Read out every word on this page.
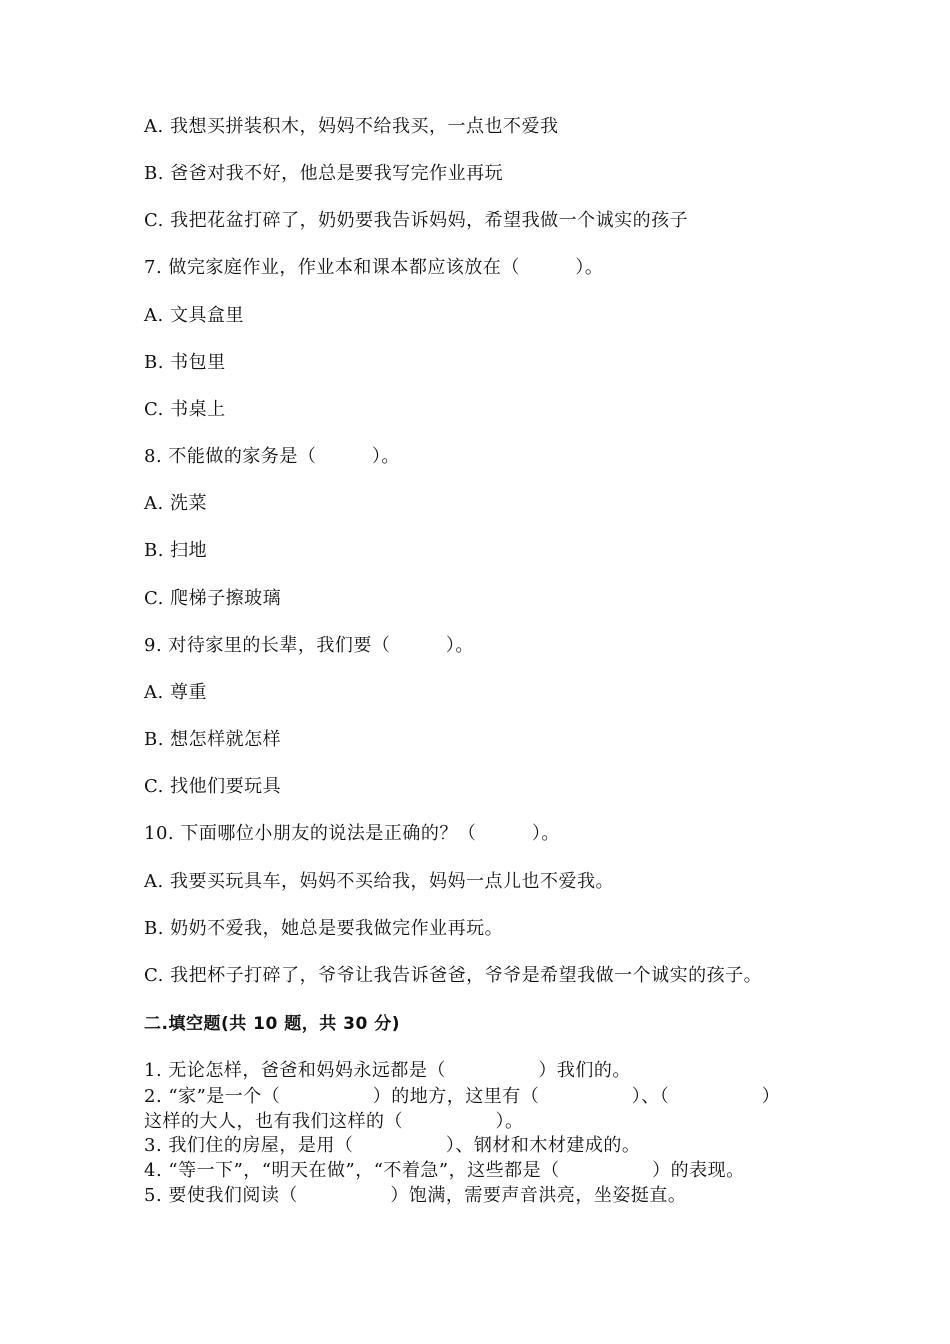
A. 我想买拼装积木，妈妈不给我买，一点也不爱我
B. 爸爸对我不好，他总是要我写完作业再玩
C. 我把花盆打碎了，奶奶要我告诉妈妈，希望我做一个诚实的孩子
7. 做完家庭作业，作业本和课本都应该放在（　　　）。
A. 文具盒里
B. 书包里
C. 书桌上
8. 不能做的家务是（　　　）。
A. 洗菜
B. 扫地
C. 爬梯子擦玻璃
9. 对待家里的长辈，我们要（　　　）。
A. 尊重
B. 想怎样就怎样
C. 找他们要玩具
10. 下面哪位小朋友的说法是正确的？（　　　）。
A. 我要买玩具车，妈妈不买给我，妈妈一点儿也不爱我。
B. 奶奶不爱我，她总是要我做完作业再玩。
C. 我把杯子打碎了，爷爷让我告诉爸爸，爷爷是希望我做一个诚实的孩子。
二.填空题(共 10 题，共 30 分)
1. 无论怎样，爸爸和妈妈永远都是（　　　　　）我们的。
2. “家”是一个（　　　　　）的地方，这里有（　　　　　）、（　　　　　）
这样的大人，也有我们这样的（　　　　　）。
3. 我们住的房屋，是用（　　　　　）、钢材和木材建成的。
4. “等一下”，“明天在做”，“不着急”，这些都是（　　　　　）的表现。
5. 要使我们阅读（　　　　　）饱满，需要声音洪亮，坐姿挺直。
